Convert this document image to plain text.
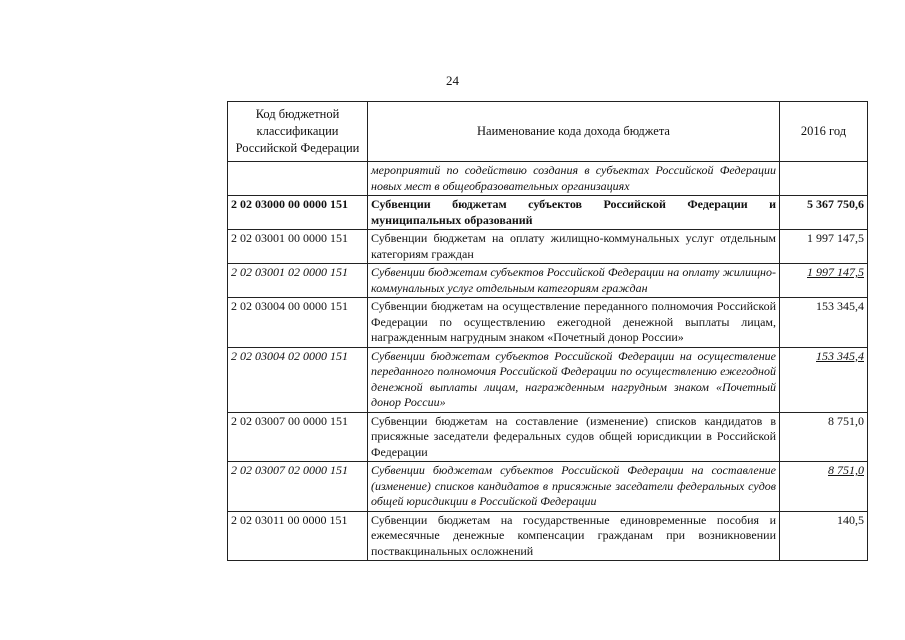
24
Код бюджетной классификации Российской Федерации	Наименование кода дохода бюджета	2016 год
	мероприятий по содействию создания в субъектах Российской Федерации новых мест в общеобразовательных организациях	
2 02 03000 00 0000 151	Субвенции бюджетам субъектов Российской Федерации и муниципальных образований	5 367 750,6
2 02 03001 00 0000 151	Субвенции бюджетам на оплату жилищно-коммунальных услуг отдельным категориям граждан	1 997 147,5
2 02 03001 02 0000 151	Субвенции бюджетам субъектов Российской Федерации на оплату жилищно-коммунальных услуг отдельным категориям граждан	1 997 147,5
2 02 03004 00 0000 151	Субвенции бюджетам на осуществление переданного полномочия Российской Федерации по осуществлению ежегодной денежной выплаты лицам, награжденным нагрудным знаком «Почетный донор России»	153 345,4
2 02 03004 02 0000 151	Субвенции бюджетам субъектов Российской Федерации на осуществление переданного полномочия Российской Федерации по осуществлению ежегодной денежной выплаты лицам, награжденным нагрудным знаком «Почетный донор России»	153 345,4
2 02 03007 00 0000 151	Субвенции бюджетам на составление (изменение) списков кандидатов в присяжные заседатели федеральных судов общей юрисдикции в Российской Федерации	8 751,0
2 02 03007 02 0000 151	Субвенции бюджетам субъектов Российской Федерации на составление (изменение) списков кандидатов в присяжные заседатели федеральных судов общей юрисдикции в Российской Федерации	8 751,0
2 02 03011 00 0000 151	Субвенции бюджетам на государственные единовременные пособия и ежемесячные денежные компенсации гражданам при возникновении поствакцинальных осложнений	140,5
